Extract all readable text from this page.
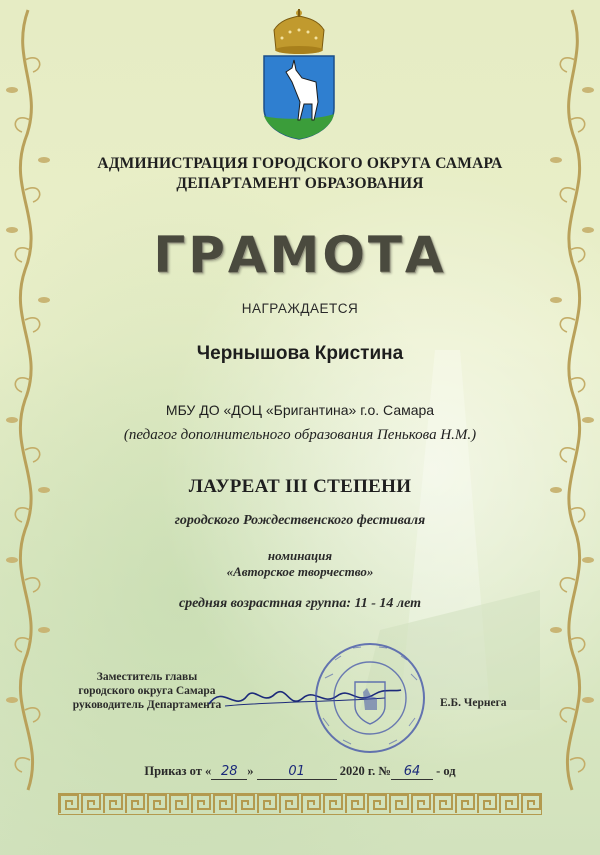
АДМИНИСТРАЦИЯ ГОРОДСКОГО ОКРУГА САМАРА
ДЕПАРТАМЕНТ ОБРАЗОВАНИЯ
ГРАМОТА
НАГРАЖДАЕТСЯ
Чернышова Кристина
МБУ ДО «ДОЦ «Бригантина» г.о. Самара
(педагог дополнительного образования Пенькова Н.М.)
ЛАУРЕАТ III СТЕПЕНИ
городского Рождественского фестиваля
номинация
«Авторское творчество»
средняя возрастная группа: 11 - 14 лет
Заместитель главы
городского округа Самара
руководитель Департамента	Е.Б. Чернега
Приказ от « 28 »	01	2020 г. № 64 - од
